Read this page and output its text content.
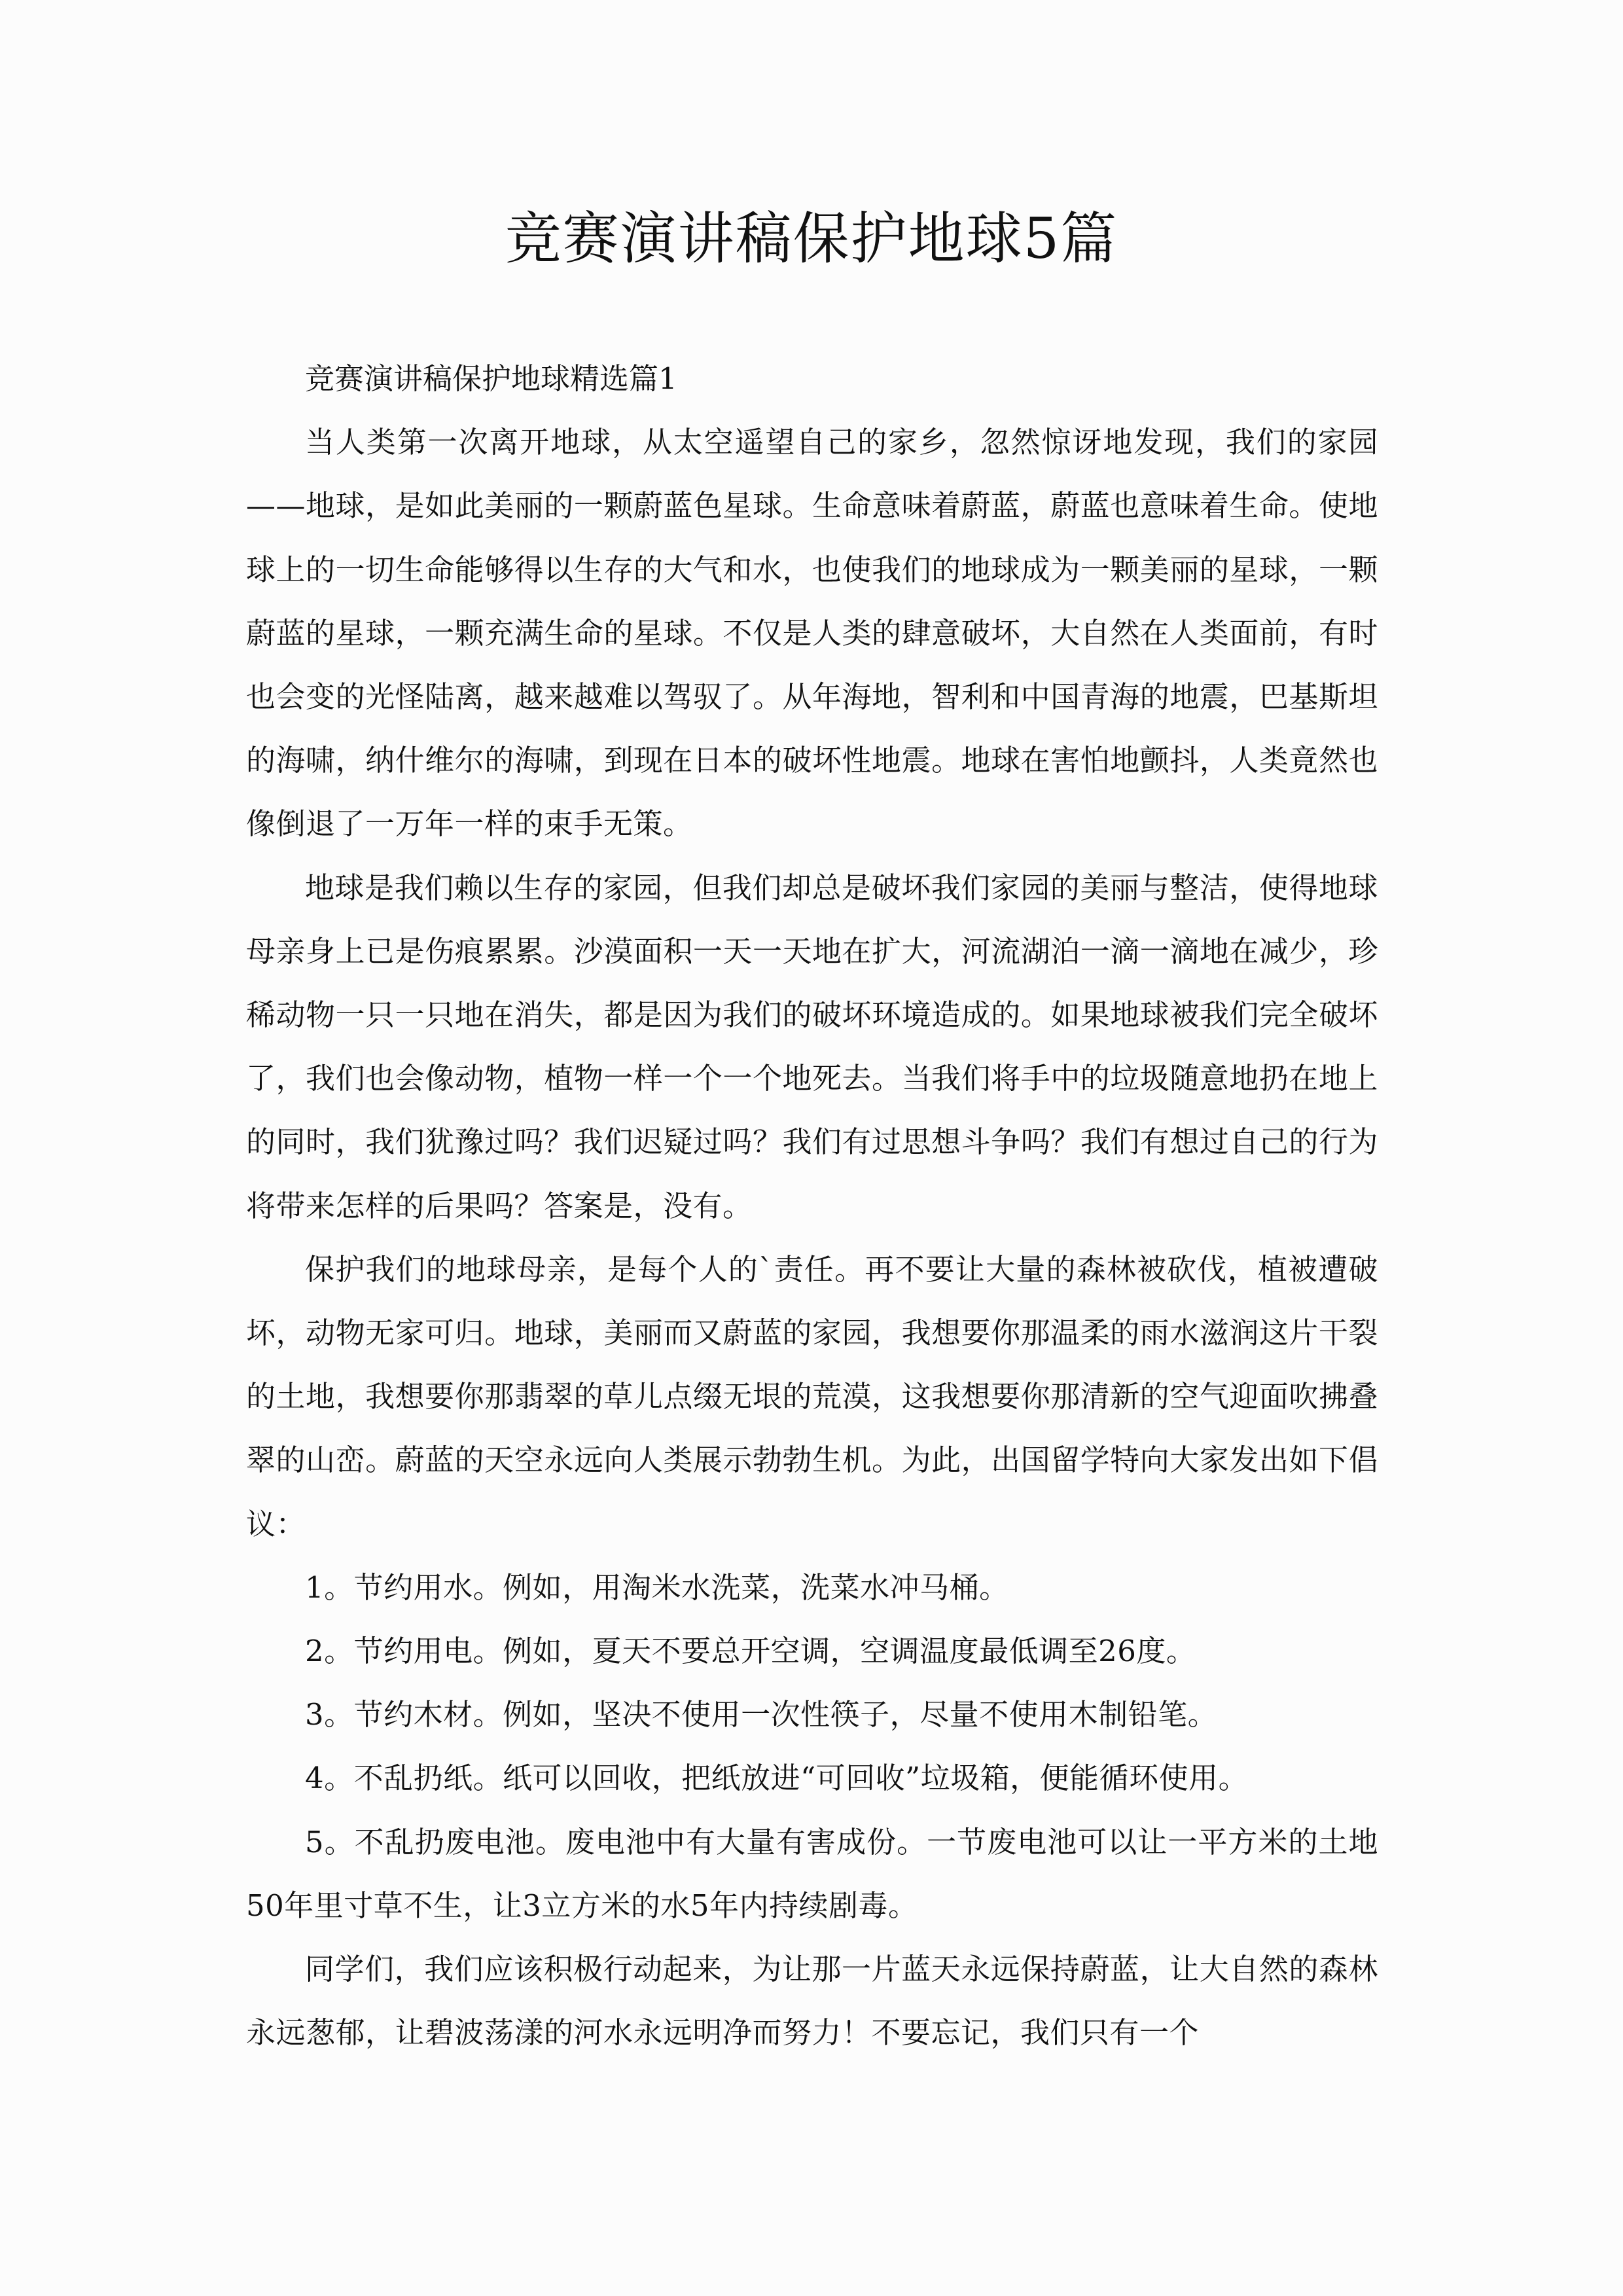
竞赛演讲稿保护地球5篇

竞赛演讲稿保护地球精选篇1

当人类第一次离开地球，从太空遥望自己的家乡，忽然惊讶地发现，我们的家园——地球，是如此美丽的一颗蔚蓝色星球。生命意味着蔚蓝，蔚蓝也意味着生命。使地球上的一切生命能够得以生存的大气和水，也使我们的地球成为一颗美丽的星球，一颗蔚蓝的星球，一颗充满生命的星球。不仅是人类的肆意破坏，大自然在人类面前，有时也会变的光怪陆离，越来越难以驾驭了。从年海地，智利和中国青海的地震，巴基斯坦的海啸，纳什维尔的海啸，到现在日本的破坏性地震。地球在害怕地颤抖，人类竟然也像倒退了一万年一样的束手无策。

地球是我们赖以生存的家园，但我们却总是破坏我们家园的美丽与整洁，使得地球母亲身上已是伤痕累累。沙漠面积一天一天地在扩大，河流湖泊一滴一滴地在减少，珍稀动物一只一只地在消失，都是因为我们的破坏环境造成的。如果地球被我们完全破坏了，我们也会像动物，植物一样一个一个地死去。当我们将手中的垃圾随意地扔在地上的同时，我们犹豫过吗？我们迟疑过吗？我们有过思想斗争吗？我们有想过自己的行为将带来怎样的后果吗？答案是，没有。

保护我们的地球母亲，是每个人的`责任。再不要让大量的森林被砍伐，植被遭破坏，动物无家可归。地球，美丽而又蔚蓝的家园，我想要你那温柔的雨水滋润这片干裂的土地，我想要你那翡翠的草儿点缀无垠的荒漠，这我想要你那清新的空气迎面吹拂叠翠的山峦。蔚蓝的天空永远向人类展示勃勃生机。为此，出国留学特向大家发出如下倡议：

1。节约用水。例如，用淘米水洗菜，洗菜水冲马桶。

2。节约用电。例如，夏天不要总开空调，空调温度最低调至26度。

3。节约木材。例如，坚决不使用一次性筷子，尽量不使用木制铅笔。

4。不乱扔纸。纸可以回收，把纸放进“可回收”垃圾箱，便能循环使用。

5。不乱扔废电池。废电池中有大量有害成份。一节废电池可以让一平方米的土地50年里寸草不生，让3立方米的水5年内持续剧毒。

同学们，我们应该积极行动起来，为让那一片蓝天永远保持蔚蓝，让大自然的森林永远葱郁，让碧波荡漾的河水永远明净而努力！不要忘记，我们只有一个
